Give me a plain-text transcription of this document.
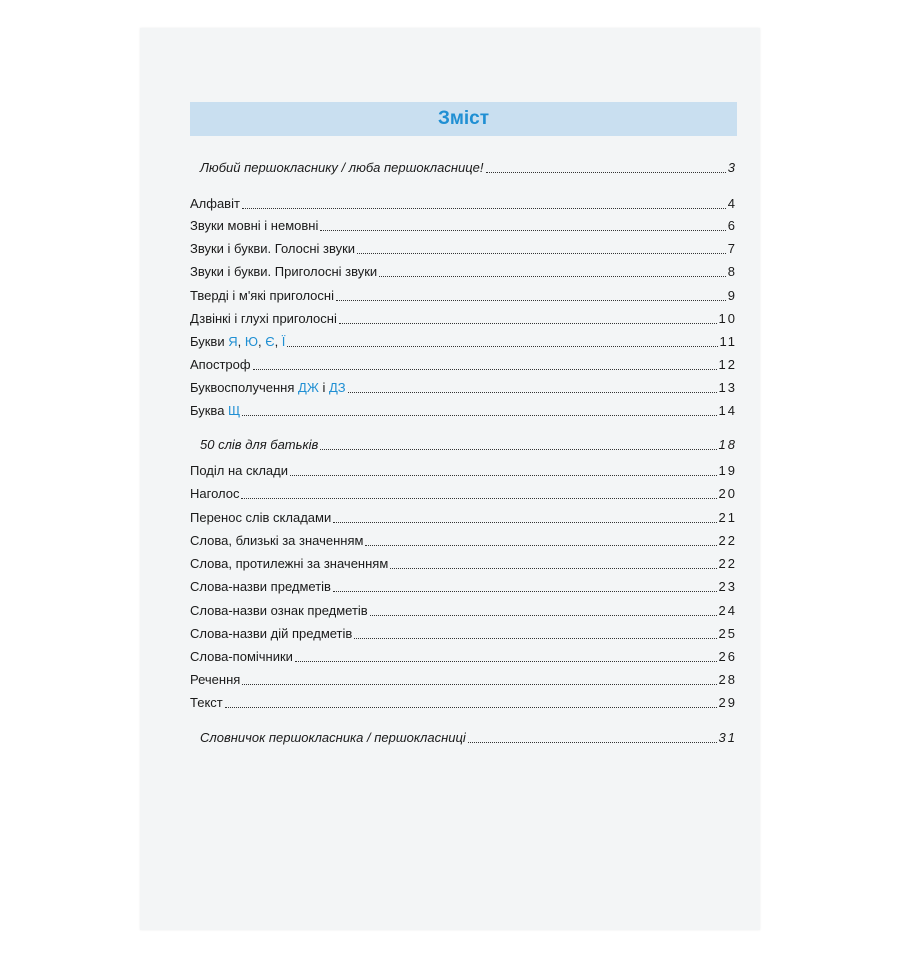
Зміст
Любий першокласнику / люба першокласнице!	3
Алфавіт	4
Звуки мовні і немовні	6
Звуки і букви. Голосні звуки	7
Звуки і букви. Приголосні звуки	8
Тверді і м'які приголосні	9
Дзвінкі і глухі приголосні	10
Букви Я, Ю, Є, Ї	11
Апостроф	12
Буквосполучення ДЖ і ДЗ	13
Буква Щ	14
50 слів для батьків	18
Поділ на склади	19
Наголос	20
Перенос слів складами	21
Слова, близькі за значенням	22
Слова, протилежні за значенням	22
Слова-назви предметів	23
Слова-назви ознак предметів	24
Слова-назви дій предметів	25
Слова-помічники	26
Речення	28
Текст	29
Словничок першокласника / першокласниці	31
